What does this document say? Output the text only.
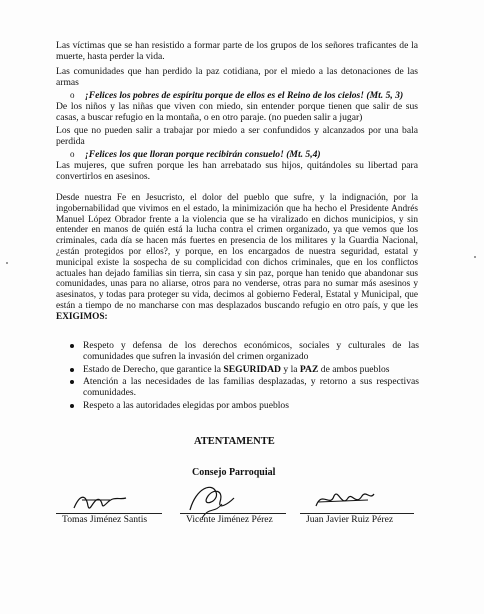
Las víctimas que se han resistido a formar parte de los grupos de los señores traficantes de la muerte, hasta perder la vida.
Las comunidades que han perdido la paz cotidiana, por el miedo a las detonaciones de las armas
o ¡Felices los pobres de espíritu porque de ellos es el Reino de los cielos! (Mt. 5, 3)
De los niños y las niñas que viven con miedo, sin entender porque tienen que salir de sus casas, a buscar refugio en la montaña, o en otro paraje. (no pueden salir a jugar)
Los que no pueden salir a trabajar por miedo a ser confundidos y alcanzados por una bala perdida
o ¡Felices los que lloran porque recibirán consuelo! (Mt. 5,4)
Las mujeres, que sufren porque les han arrebatado sus hijos, quitándoles su libertad para convertirlos en asesinos.
Desde nuestra Fe en Jesucristo, el dolor del pueblo que sufre, y la indignación, por la ingobernabilidad que vivimos en el estado, la minimización que ha hecho el Presidente Andrés Manuel López Obrador frente a la violencia que se ha viralizado en dichos municipios, y sin entender en manos de quién está la lucha contra el crimen organizado, ya que vemos que los criminales, cada día se hacen más fuertes en presencia de los militares y la Guardia Nacional, ¿están protegidos por ellos?, y porque, en los encargados de nuestra seguridad, estatal y municipal existe la sospecha de su complicidad con dichos criminales, que en los conflictos actuales han dejado familias sin tierra, sin casa y sin paz, porque han tenido que abandonar sus comunidades, unas para no aliarse, otros para no venderse, otras para no sumar más asesinos y asesinatos, y todas para proteger su vida, decimos al gobierno Federal, Estatal y Municipal, que están a tiempo de no mancharse con mas desplazados buscando refugio en otro país, y que les EXIGIMOS:
Respeto y defensa de los derechos económicos, sociales y culturales de las comunidades que sufren la invasión del crimen organizado
Estado de Derecho, que garantice la SEGURIDAD y la PAZ de ambos pueblos
Atención a las necesidades de las familias desplazadas, y retorno a sus respectivas comunidades.
Respeto a las autoridades elegidas por ambos pueblos
ATENTAMENTE
Consejo Parroquial
Tomas Jiménez Santis	Vicente Jiménez Pérez	Juan Javier Ruiz Pérez
